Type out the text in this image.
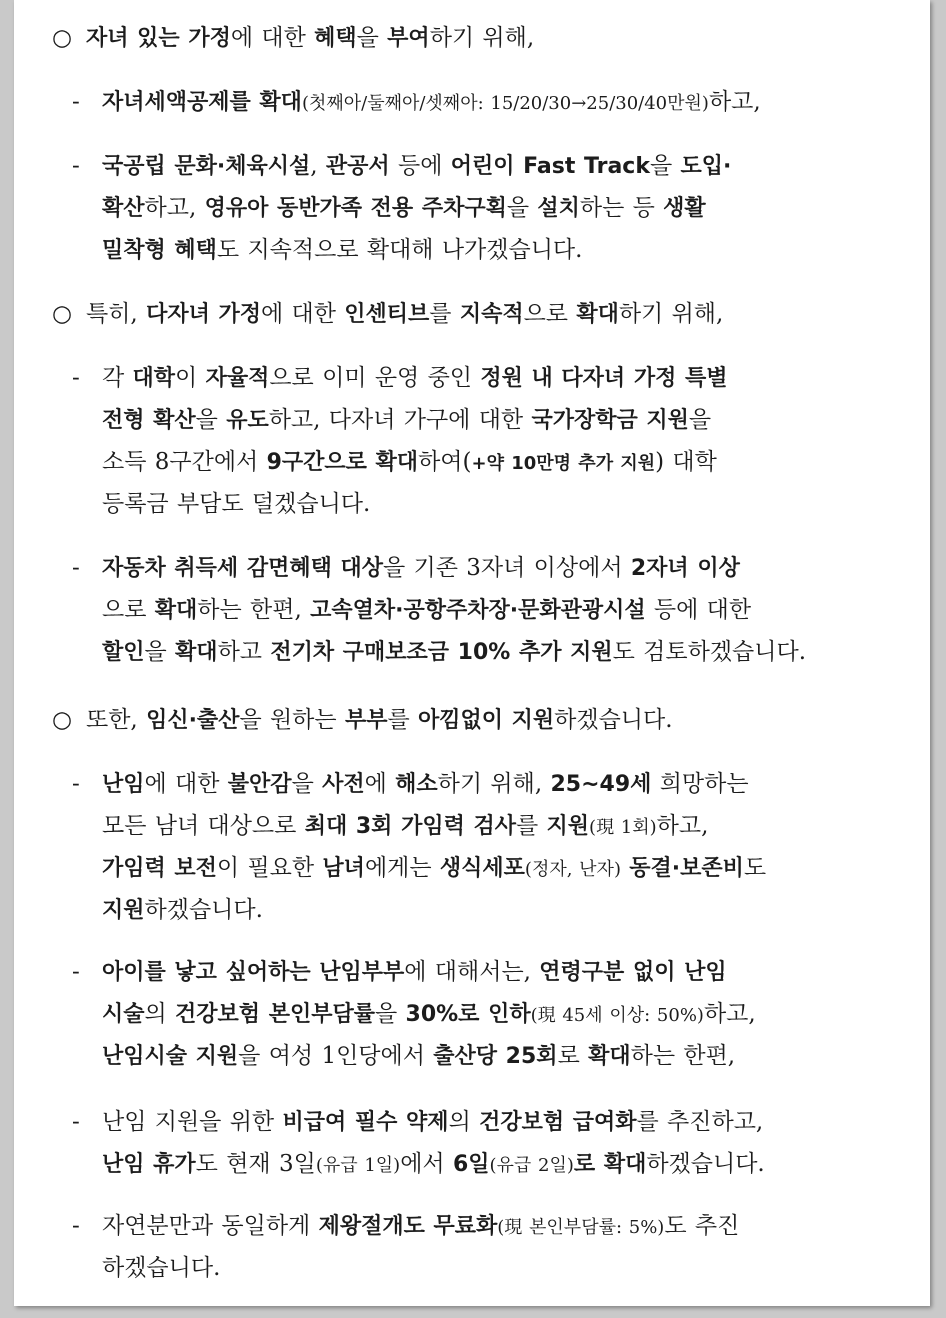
○ 자녀 있는 가정에 대한 혜택을 부여하기 위해,
- 자녀세액공제를 확대(첫째아/둘째아/셋째아: 15/20/30→25/30/40만원)하고,
- 국공립 문화·체육시설, 관공서 등에 어린이 Fast Track을 도입·
확산하고, 영유아 동반가족 전용 주차구획을 설치하는 등 생활
밀착형 혜택도 지속적으로 확대해 나가겠습니다.
○ 특히, 다자녀 가정에 대한 인센티브를 지속적으로 확대하기 위해,
- 각 대학이 자율적으로 이미 운영 중인 정원 내 다자녀 가정 특별
전형 확산을 유도하고, 다자녀 가구에 대한 국가장학금 지원을
소득 8구간에서 9구간으로 확대하여(+약 10만명 추가 지원) 대학
등록금 부담도 덜겠습니다.
- 자동차 취득세 감면혜택 대상을 기존 3자녀 이상에서 2자녀 이상
으로 확대하는 한편, 고속열차·공항주차장·문화관광시설 등에 대한
할인을 확대하고 전기차 구매보조금 10% 추가 지원도 검토하겠습니다.
○ 또한, 임신·출산을 원하는 부부를 아낌없이 지원하겠습니다.
- 난임에 대한 불안감을 사전에 해소하기 위해, 25~49세 희망하는
모든 남녀 대상으로 최대 3회 가임력 검사를 지원(現 1회)하고,
가임력 보전이 필요한 남녀에게는 생식세포(정자, 난자) 동결·보존비도
지원하겠습니다.
- 아이를 낳고 싶어하는 난임부부에 대해서는, 연령구분 없이 난임
시술의 건강보험 본인부담률을 30%로 인하(現 45세 이상: 50%)하고,
난임시술 지원을 여성 1인당에서 출산당 25회로 확대하는 한편,
- 난임 지원을 위한 비급여 필수 약제의 건강보험 급여화를 추진하고,
난임 휴가도 현재 3일(유급 1일)에서 6일(유급 2일)로 확대하겠습니다.
- 자연분만과 동일하게 제왕절개도 무료화(現 본인부담률: 5%)도 추진
하겠습니다.
